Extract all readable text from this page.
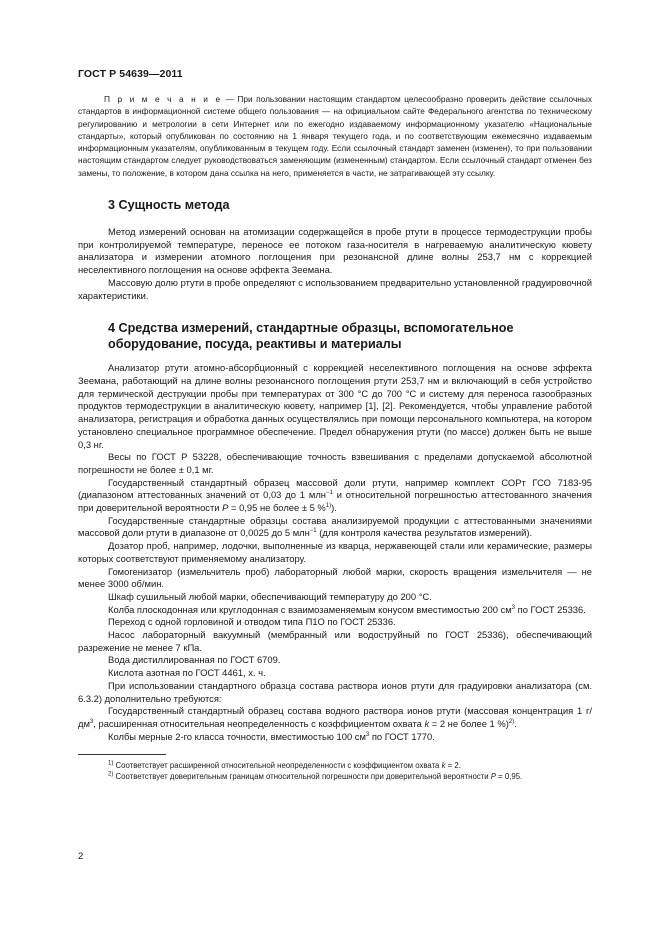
ГОСТ Р 54639—2011

П р и м е ч а н и е — При пользовании настоящим стандартом целесообразно проверить действие ссылочных стандартов в информационной системе общего пользования — на официальном сайте Федерального агентства по техническому регулированию и метрологии в сети Интернет или по ежегодно издаваемому информационному указателю «Национальные стандарты», который опубликован по состоянию на 1 января текущего года, и по соответствующим ежемесячно издаваемым информационным указателям, опубликованным в текущем году. Если ссылочный стандарт заменен (изменен), то при пользовании настоящим стандартом следует руководствоваться заменяющим (измененным) стандартом. Если ссылочный стандарт отменен без замены, то положение, в котором дана ссылка на него, применяется в части, не затрагивающей эту ссылку.

3 Сущность метода

Метод измерений основан на атомизации содержащейся в пробе ртути в процессе термодеструкции пробы при контролируемой температуре, переносе ее потоком газа-носителя в нагреваемую аналитическую кювету анализатора и измерении атомного поглощения при резонансной длине волны 253,7 нм с коррекцией неселективного поглощения на основе эффекта Зеемана.

Массовую долю ртути в пробе определяют с использованием предварительно установленной градуировочной характеристики.

4 Средства измерений, стандартные образцы, вспомогательное

оборудование, посуда, реактивы и материалы

Анализатор ртути атомно-абсорбционный с коррекцией неселективного поглощения на основе эффекта Зеемана, работающий на длине волны резонансного поглощения ртути 253,7 нм и включающий в себя устройство для термической деструкции пробы при температурах от 300 °С до 700 °С и систему для переноса газообразных продуктов термодеструкции в аналитическую кювету, например [1], [2]. Рекомендуется, чтобы управление работой анализатора, регистрация и обработка данных осуществлялись при помощи персонального компьютера, на котором установлено специальное программное обеспечение. Предел обнаружения ртути (по массе) должен быть не выше 0,3 нг.

Весы по ГОСТ Р 53228, обеспечивающие точность взвешивания с пределами допускаемой абсолютной погрешности не более ± 0,1 мг.

Государственный стандартный образец массовой доли ртути, например комплект СОРт ГСО 7183-95 (диапазоном аттестованных значений от 0,03 до 1 млн$^{-1}$ и относительной погрешностью аттестованного значения при доверительной вероятности P = 0,95 не более ± 5 %$^{1)}$).

Государственные стандартные образцы состава анализируемой продукции с аттестованными значениями массовой доли ртути в диапазоне от 0,0025 до 5 млн$^{-1}$ (для контроля качества результатов измерений).

Дозатор проб, например, лодочки, выполненные из кварца, нержавеющей стали или керамические, размеры которых соответствуют применяемому анализатору.

Гомогенизатор (измельчитель проб) лабораторный любой марки, скорость вращения измельчителя — не менее 3000 об/мин.

Шкаф сушильный любой марки, обеспечивающий температуру до 200 °С.

Колба плоскодонная или круглодонная с взаимозаменяемым конусом вместимостью 200 $см^3$ по ГОСТ 25336.

Переход с одной горловиной и отводом типа П1О по ГОСТ 25336.

Насос лабораторный вакуумный (мембранный или водоструйный по ГОСТ 25336), обеспечивающий разрежение не менее 7 кПа.

Вода дистиллированная по ГОСТ 6709.

Кислота азотная по ГОСТ 4461, х. ч.

При использовании стандартного образца состава раствора ионов ртути для градуировки анализатора (см. 6.3.2) дополнительно требуются:

Государственный стандартный образец состава водного раствора ионов ртути (массовая концентрация 1 $г/дм^3$, расширенная относительная неопределенность с коэффициентом охвата k = 2 не более 1 %)$^{2)}$.

Колбы мерные 2-го класса точности, вместимостью 100 $см^3$ по ГОСТ 1770.

$^{1)}$ Соответствует расширенной относительной неопределенности с коэффициентом охвата k = 2.

$^{2)}$ Соответствует доверительным границам относительной погрешности при доверительной вероятности P = 0,95.

2
